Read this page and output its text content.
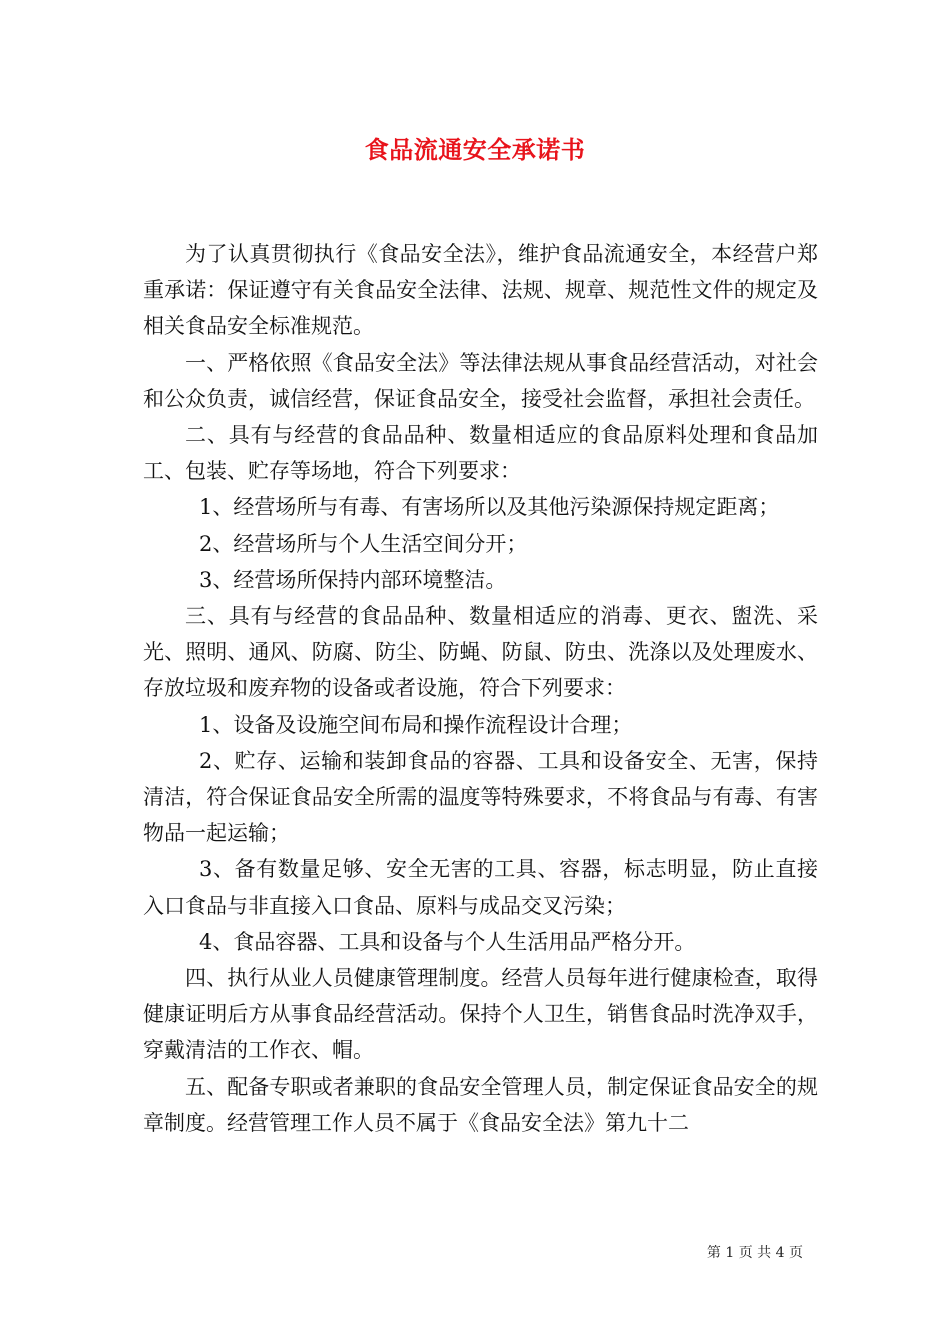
食品流通安全承诺书

为了认真贯彻执行《食品安全法》，维护食品流通安全，本经营户郑重承诺：保证遵守有关食品安全法律、法规、规章、规范性文件的规定及相关食品安全标准规范。

一、严格依照《食品安全法》等法律法规从事食品经营活动，对社会和公众负责，诚信经营，保证食品安全，接受社会监督，承担社会责任。

二、具有与经营的食品品种、数量相适应的食品原料处理和食品加工、包装、贮存等场地，符合下列要求：

1、经营场所与有毒、有害场所以及其他污染源保持规定距离；

2、经营场所与个人生活空间分开；

3、经营场所保持内部环境整洁。

三、具有与经营的食品品种、数量相适应的消毒、更衣、盥洗、采光、照明、通风、防腐、防尘、防蝇、防鼠、防虫、洗涤以及处理废水、存放垃圾和废弃物的设备或者设施，符合下列要求：

1、设备及设施空间布局和操作流程设计合理；

2、贮存、运输和装卸食品的容器、工具和设备安全、无害，保持清洁，符合保证食品安全所需的温度等特殊要求，不将食品与有毒、有害物品一起运输；

3、备有数量足够、安全无害的工具、容器，标志明显，防止直接入口食品与非直接入口食品、原料与成品交叉污染；

4、食品容器、工具和设备与个人生活用品严格分开。

四、执行从业人员健康管理制度。经营人员每年进行健康检查，取得健康证明后方从事食品经营活动。保持个人卫生，销售食品时洗净双手，穿戴清洁的工作衣、帽。

五、配备专职或者兼职的食品安全管理人员，制定保证食品安全的规章制度。经营管理工作人员不属于《食品安全法》第九十二

第 1 页 共 4 页
